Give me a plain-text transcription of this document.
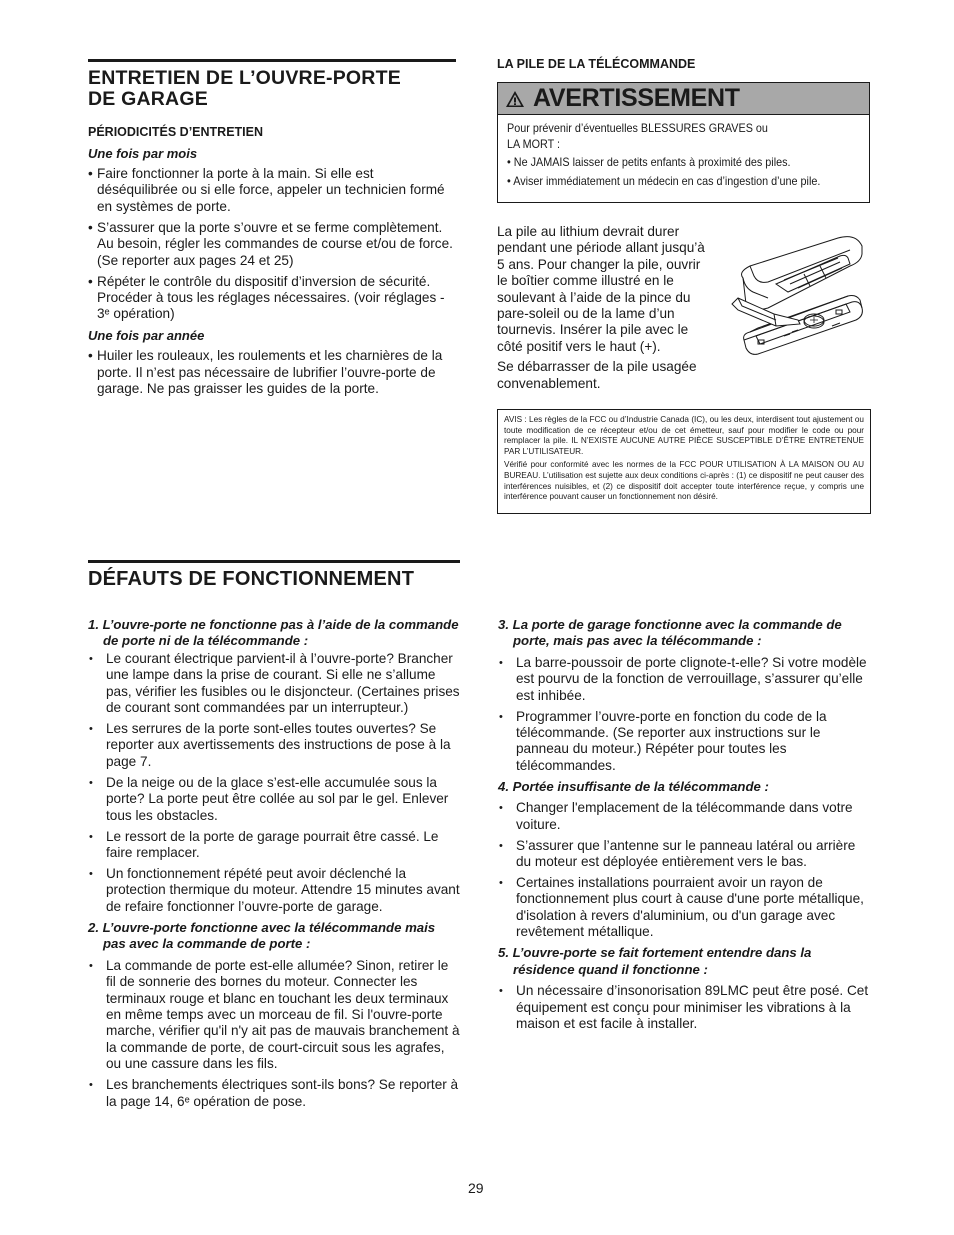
ENTRETIEN DE L’OUVRE-PORTE
DE GARAGE
PÉRIODICITÉS D’ENTRETIEN
Une fois par mois
• Faire fonctionner la porte à la main. Si elle est déséquilibrée ou si elle force, appeler un technicien formé en systèmes de porte.
• S’assurer que la porte s’ouvre et se ferme complètement. Au besoin, régler les commandes de course et/ou de force. (Se reporter aux pages 24 et 25)
• Répéter le contrôle du dispositif d’inversion de sécurité. Procéder à tous les réglages nécessaires. (voir réglages - 3ᵉ opération)
Une fois par année
• Huiler les rouleaux, les roulements et les charnières de la porte. Il n’est pas nécessaire de lubrifier l’ouvre-porte de garage. Ne pas graisser les guides de la porte.
LA PILE DE LA TÉLÉCOMMANDE
AVERTISSEMENT
Pour prévenir d’éventuelles BLESSURES GRAVES ou
LA MORT :
• Ne JAMAIS laisser de petits enfants à proximité des piles.
• Aviser immédiatement un médecin en cas d’ingestion d’une pile.
La pile au lithium devrait durer
pendant une période allant jusqu’à
5 ans. Pour changer la pile, ouvrir
le boîtier comme illustré en le
soulevant à l’aide de la pince du
pare-soleil ou de la lame d’un
tournevis. Insérer la pile avec le
côté positif vers le haut (+).
Se débarrasser de la pile usagée
convenablement.

AVIS : Les règles de la FCC ou d’Industrie Canada (IC), ou les deux, interdisent tout ajustement ou toute modification de ce récepteur et/ou de cet émetteur, sauf pour modifier le code ou pour remplacer la pile. IL N’EXISTE AUCUNE AUTRE PIÈCE SUSCEPTIBLE D’ÊTRE ENTRETENUE PAR L’UTILISATEUR.

Vérifié pour conformité avec les normes de la FCC POUR UTILISATION À LA MAISON OU AU BUREAU. L’utilisation est sujette aux deux conditions ci-après : (1) ce dispositif ne peut causer des interférences nuisibles, et (2) ce dispositif doit accepter toute interférence reçue, y compris une interférence pouvant causer un fonctionnement non désiré.

DÉFAUTS DE FONCTIONNEMENT
1. L’ouvre-porte ne fonctionne pas à l’aide de la commande de porte ni de la télécommande :
• Le courant électrique parvient-il à l’ouvre-porte? Brancher une lampe dans la prise de courant. Si elle ne s’allume pas, vérifier les fusibles ou le disjoncteur. (Certaines prises de courant sont commandées par un interrupteur.)
• Les serrures de la porte sont-elles toutes ouvertes? Se reporter aux avertissements des instructions de pose à la page 7.
• De la neige ou de la glace s’est-elle accumulée sous la porte? La porte peut être collée au sol par le gel. Enlever tous les obstacles.
• Le ressort de la porte de garage pourrait être cassé. Le faire remplacer.
• Un fonctionnement répété peut avoir déclenché la protection thermique du moteur. Attendre 15 minutes avant de refaire fonctionner l’ouvre-porte de garage.
2. L’ouvre-porte fonctionne avec la télécommande mais pas avec la commande de porte :
• La commande de porte est-elle allumée? Sinon, retirer le fil de sonnerie des bornes du moteur. Connecter les terminaux rouge et blanc en touchant les deux terminaux en même temps avec un morceau de fil. Si l'ouvre-porte marche, vérifier qu'il n'y ait pas de mauvais branchement à la commande de porte, de court-circuit sous les agrafes, ou une cassure dans les fils.
• Les branchements électriques sont-ils bons? Se reporter à la page 14, 6ᵉ opération de pose.
3. La porte de garage fonctionne avec la commande de porte, mais pas avec la télécommande :
• La barre-poussoir de porte clignote-t-elle? Si votre modèle est pourvu de la fonction de verrouillage, s’assurer qu’elle est inhibée.
• Programmer l’ouvre-porte en fonction du code de la télécommande. (Se reporter aux instructions sur le panneau du moteur.) Répéter pour toutes les télécommandes.
4. Portée insuffisante de la télécommande :
• Changer l'emplacement de la télécommande dans votre voiture.
• S’assurer que l’antenne sur le panneau latéral ou arrière du moteur est déployée entièrement vers le bas.
• Certaines installations pourraient avoir un rayon de fonctionnement plus court à cause d'une porte métallique, d'isolation à revers d'aluminium, ou d'un garage avec revêtement métallique.
5. L’ouvre-porte se fait fortement entendre dans la résidence quand il fonctionne :
• Un nécessaire d’insonorisation 89LMC peut être posé. Cet équipement est conçu pour minimiser les vibrations à la maison et est facile à installer.
29
